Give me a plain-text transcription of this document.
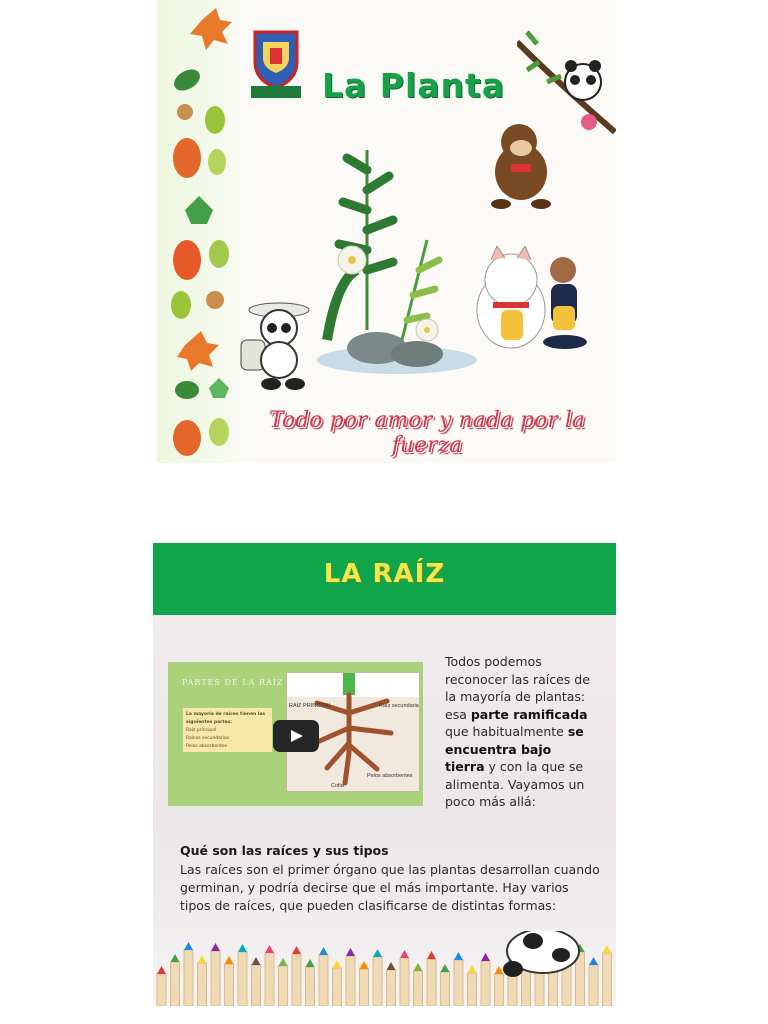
La Planta
Todo por amor y nada por la fuerza
LA RAÍZ
PARTES DE LA RAIZ
La mayoría de raíces tienen las siguientes partes:
Raíz principal
Raíces secundarias
Pelos absorbentes
RAÍZ PRINCIPAL	Raíz secundaria
Pelos absorbentes
Cofia
Todos podemos reconocer las raíces de la mayoría de plantas: esa parte ramificada que habitualmente se encuentra bajo tierra y con la que se alimenta. Vayamos un poco más allá:
Qué son las raíces y sus tipos
Las raíces son el primer órgano que las plantas desarrollan cuando germinan, y podría decirse que el más importante. Hay varios tipos de raíces, que pueden clasificarse de distintas formas:
